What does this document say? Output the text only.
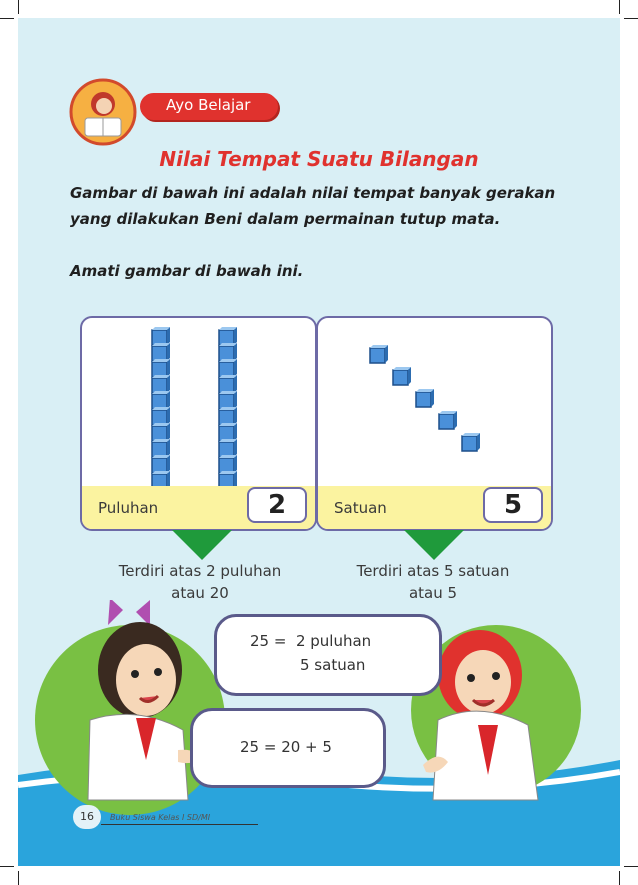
Ayo Belajar
Nilai Tempat Suatu Bilangan
Gambar di bawah ini adalah nilai tempat banyak gerakan yang dilakukan Beni dalam permainan tutup mata.
Amati gambar di bawah ini.
Puluhan	2	Satuan	5
Terdiri atas 2 puluhan
atau 20
Terdiri atas 5 satuan
atau 5
25 =  2 puluhan
5 satuan
25 = 20 + 5
16	Buku Siswa Kelas I SD/MI
